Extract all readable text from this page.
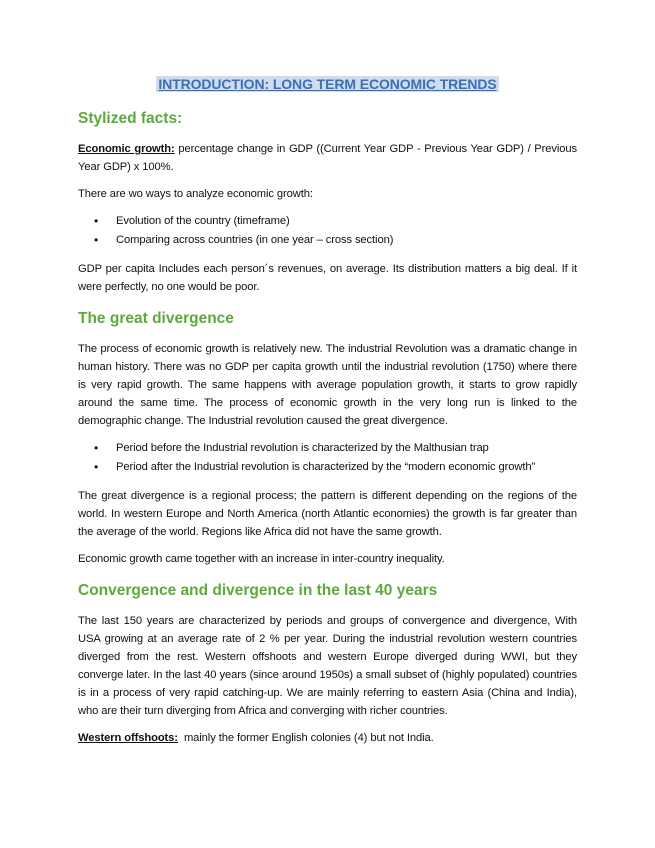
INTRODUCTION: LONG TERM ECONOMIC TRENDS
Stylized facts:

Economic growth: percentage change in GDP ((Current Year GDP - Previous Year GDP) / Previous Year GDP) x 100%.

There are wo ways to analyze economic growth:

• Evolution of the country (timeframe)
• Comparing across countries (in one year – cross section)

GDP per capita Includes each person´s revenues, on average. Its distribution matters a big deal. If it were perfectly, no one would be poor.

The great divergence

The process of economic growth is relatively new. The industrial Revolution was a dramatic change in human history. There was no GDP per capita growth until the industrial revolution (1750) where there is very rapid growth. The same happens with average population growth, it starts to grow rapidly around the same time. The process of economic growth in the very long run is linked to the demographic change. The Industrial revolution caused the great divergence.

• Period before the Industrial revolution is characterized by the Malthusian trap
• Period after the Industrial revolution is characterized by the “modern economic growth”

The great divergence is a regional process; the pattern is different depending on the regions of the world. In western Europe and North America (north Atlantic economies) the growth is far greater than the average of the world. Regions like Africa did not have the same growth.

Economic growth came together with an increase in inter-country inequality.

Convergence and divergence in the last 40 years

The last 150 years are characterized by periods and groups of convergence and divergence, With USA growing at an average rate of 2 % per year. During the industrial revolution western countries diverged from the rest. Western offshoots and western Europe diverged during WWI, but they converge later. In the last 40 years (since around 1950s) a small subset of (highly populated) countries is in a process of very rapid catching-up. We are mainly referring to eastern Asia (China and India), who are their turn diverging from Africa and converging with richer countries.

Western offshoots:  mainly the former English colonies (4) but not India.
